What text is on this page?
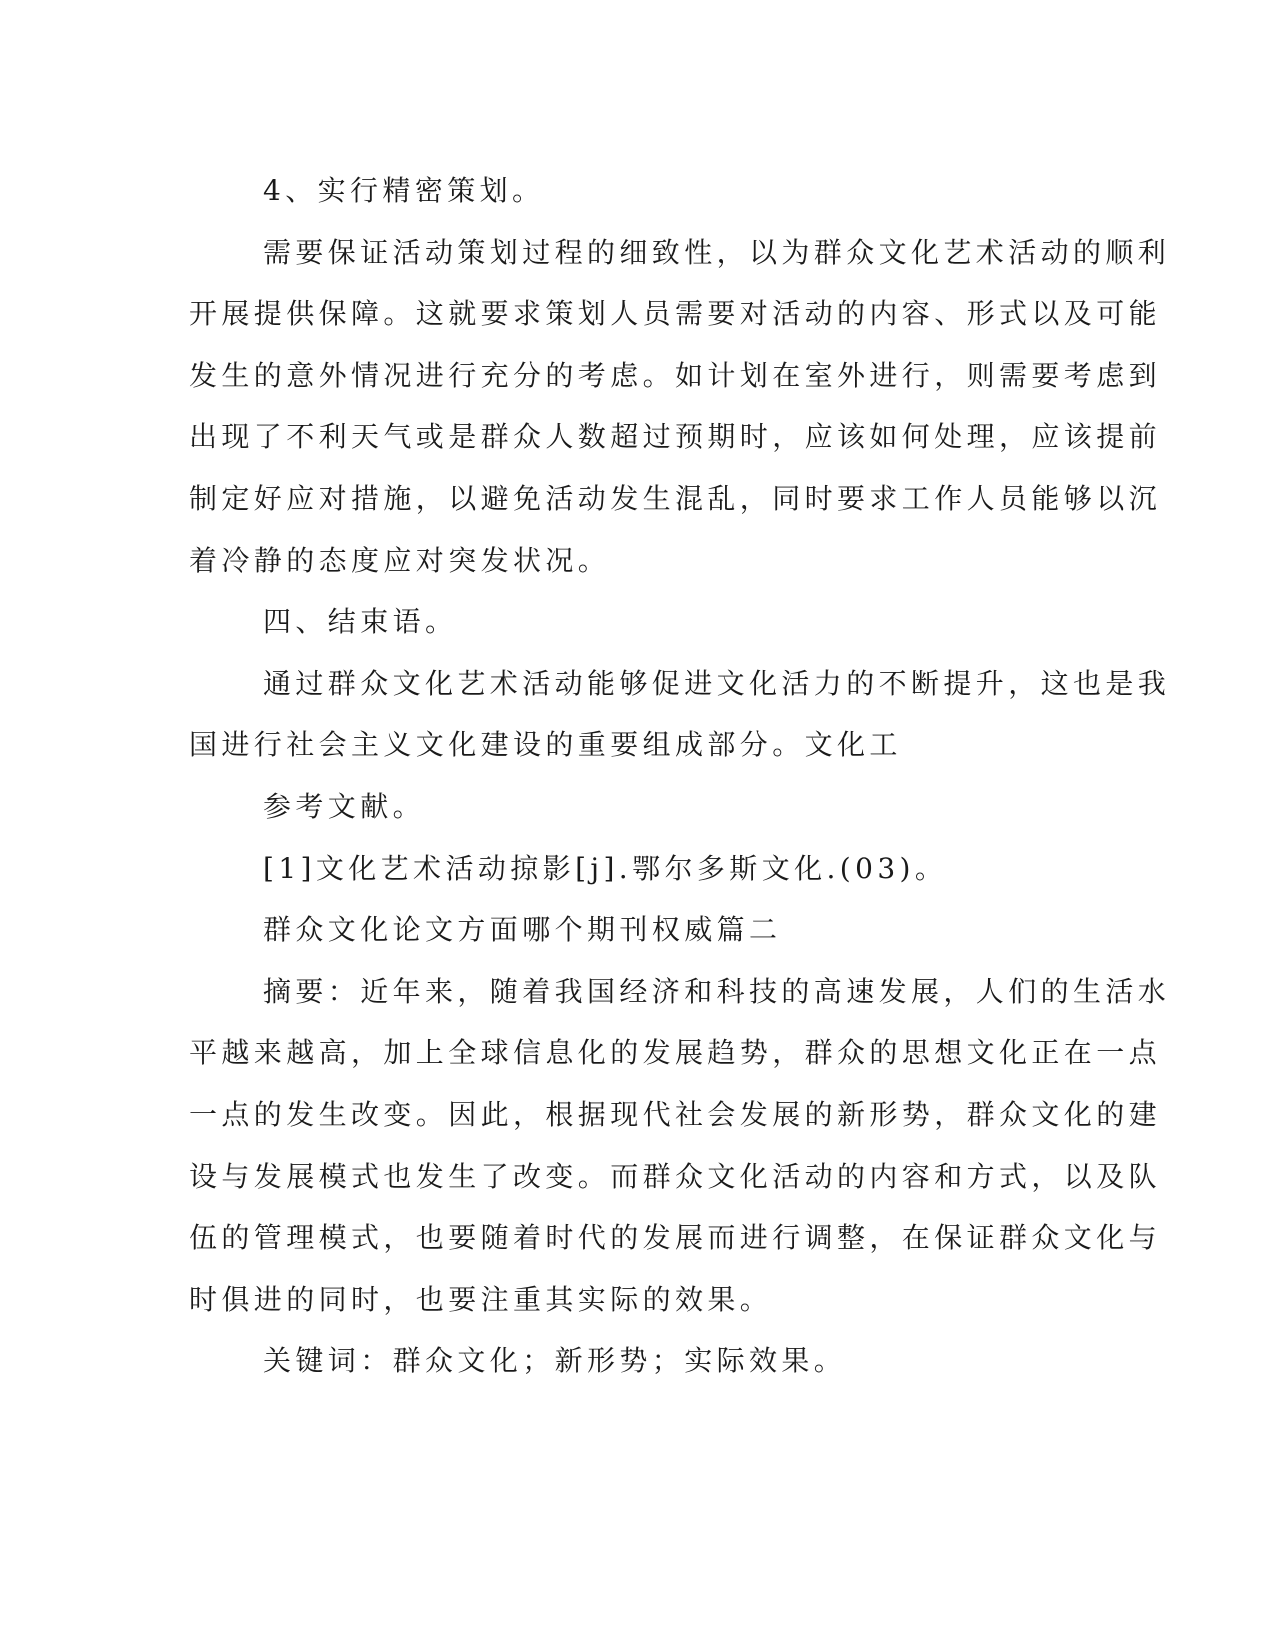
4、实行精密策划。
需要保证活动策划过程的细致性，以为群众文化艺术活动的顺利
开展提供保障。这就要求策划人员需要对活动的内容、形式以及可能
发生的意外情况进行充分的考虑。如计划在室外进行，则需要考虑到
出现了不利天气或是群众人数超过预期时，应该如何处理，应该提前
制定好应对措施，以避免活动发生混乱，同时要求工作人员能够以沉
着冷静的态度应对突发状况。
四、结束语。
通过群众文化艺术活动能够促进文化活力的不断提升，这也是我
国进行社会主义文化建设的重要组成部分。文化工
参考文献。
[1]文化艺术活动掠影[j].鄂尔多斯文化.(03)。
群众文化论文方面哪个期刊权威篇二
摘要：近年来，随着我国经济和科技的高速发展，人们的生活水
平越来越高，加上全球信息化的发展趋势，群众的思想文化正在一点
一点的发生改变。因此，根据现代社会发展的新形势，群众文化的建
设与发展模式也发生了改变。而群众文化活动的内容和方式，以及队
伍的管理模式，也要随着时代的发展而进行调整，在保证群众文化与
时俱进的同时，也要注重其实际的效果。
关键词：群众文化；新形势；实际效果。
